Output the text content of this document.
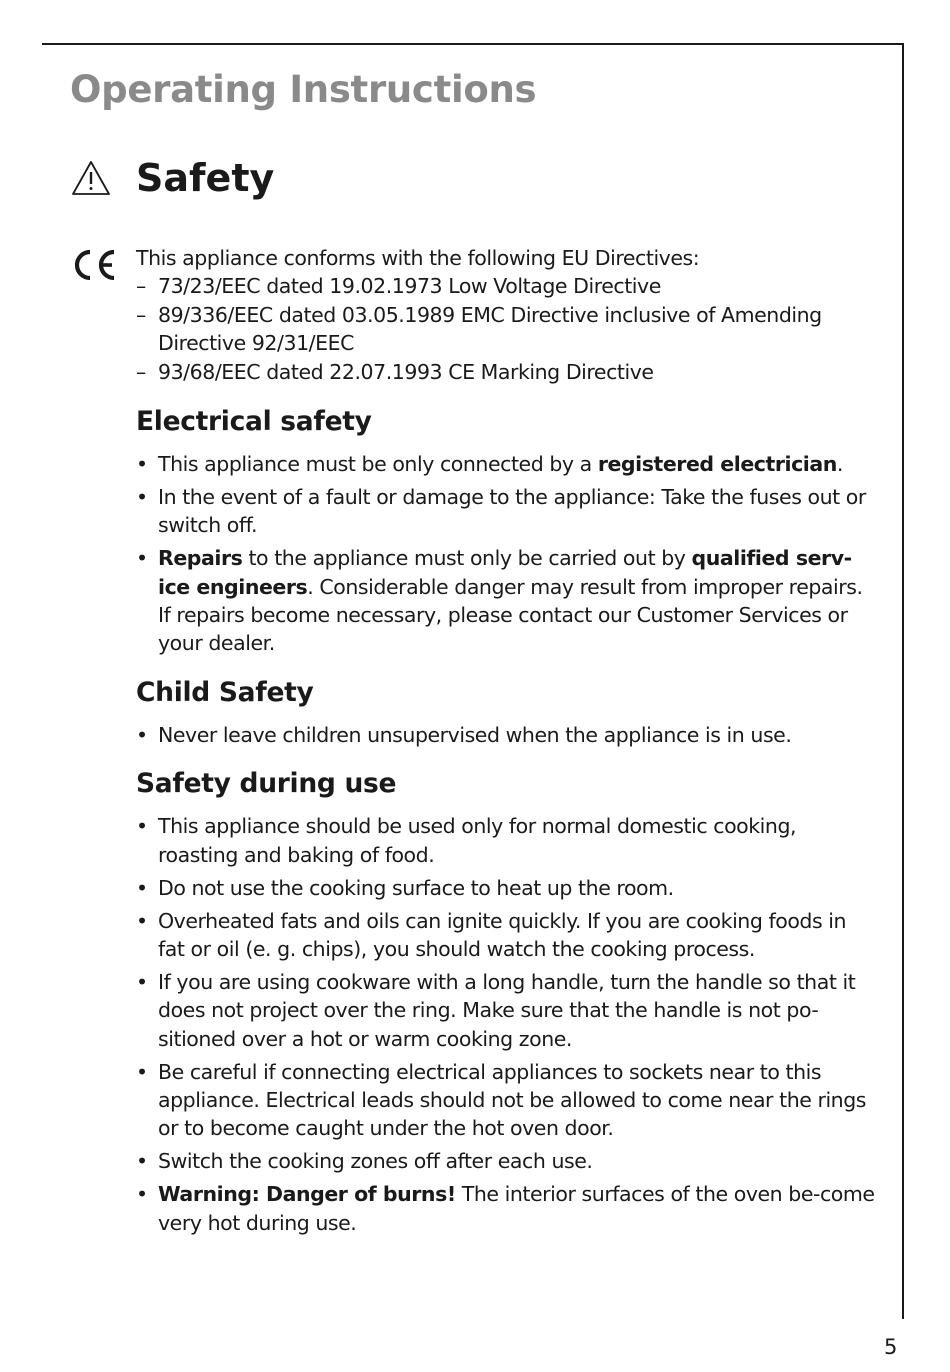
Operating Instructions
Safety

This appliance conforms with the following EU Directives:

– 73/23/EEC dated 19.02.1973 Low Voltage Directive
– 89/336/EEC dated 03.05.1989 EMC Directive inclusive of Amending Directive 92/31/EEC
– 93/68/EEC dated 22.07.1993 CE Marking Directive
Electrical safety
• This appliance must be only connected by a registered electrician.
• In the event of a fault or damage to the appliance: Take the fuses out or switch off.
• Repairs to the appliance must only be carried out by qualified serv-ice engineers. Considerable danger may result from improper repairs. If repairs become necessary, please contact our Customer Services or your dealer.
Child Safety
• Never leave children unsupervised when the appliance is in use.
Safety during use
• This appliance should be used only for normal domestic cooking, roasting and baking of food.
• Do not use the cooking surface to heat up the room.
• Overheated fats and oils can ignite quickly. If you are cooking foods in fat or oil (e. g. chips), you should watch the cooking process.
• If you are using cookware with a long handle, turn the handle so that it does not project over the ring. Make sure that the handle is not po-sitioned over a hot or warm cooking zone.
• Be careful if connecting electrical appliances to sockets near to this appliance. Electrical leads should not be allowed to come near the rings or to become caught under the hot oven door.
• Switch the cooking zones off after each use.
• Warning: Danger of burns! The interior surfaces of the oven be-come very hot during use.
5
